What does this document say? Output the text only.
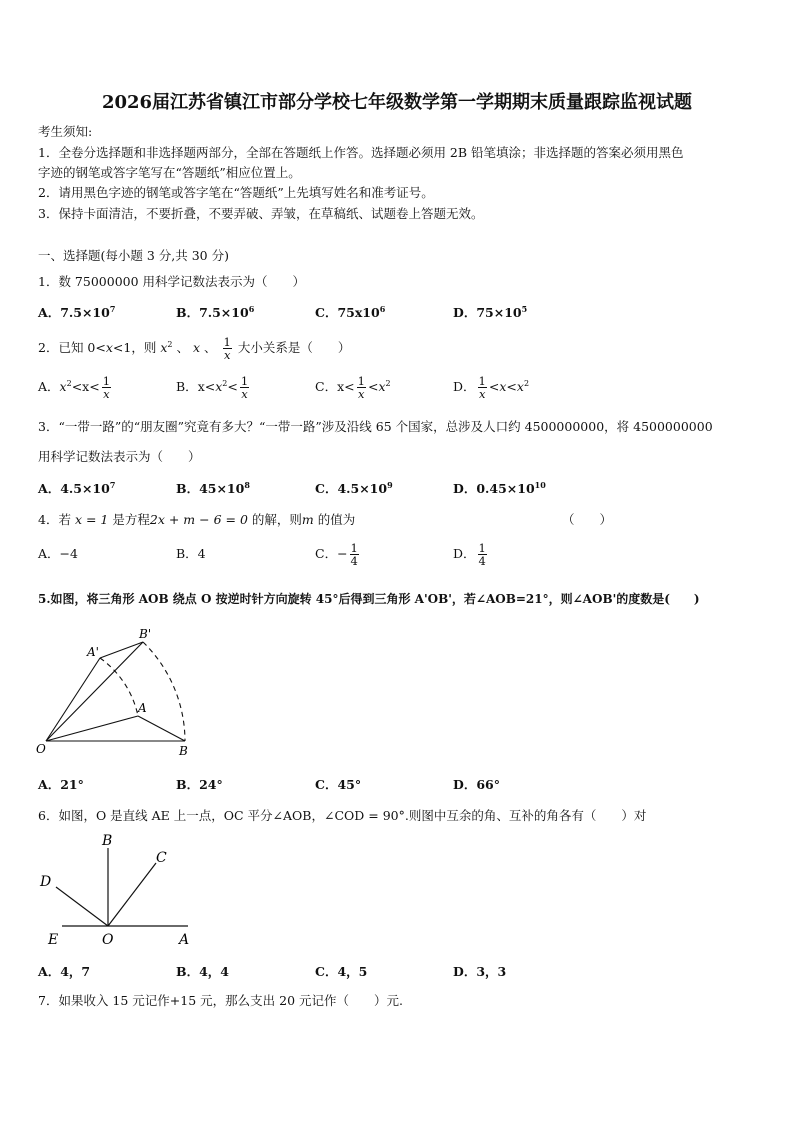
2026届江苏省镇江市部分学校七年级数学第一学期期末质量跟踪监视试题
考生须知:
1．全卷分选择题和非选择题两部分，全部在答题纸上作答。选择题必须用 2B 铅笔填涂；非选择题的答案必须用黑色
字迹的钢笔或答字笔写在“答题纸”相应位置上。
2．请用黑色字迹的钢笔或答字笔在“答题纸”上先填写姓名和准考证号。
3．保持卡面清洁，不要折叠，不要弄破、弄皱，在草稿纸、试题卷上答题无效。
一、选择题(每小题 3 分,共 30 分)
1．数 75000000 用科学记数法表示为（　　）
A．$7.5\times 10^7$	B．$7.5\times 10^6$	C．$75x10^6$	D．$75\times 10^5$
2．已知 0<x<1，则 $x^2$ 、 x 、 $\frac{1}{x}$ 大小关系是（　　）
A．$x^2<x< \frac{1}{x}$	B．$x<x^2< \frac{1}{x}$	C．$x< \frac{1}{x} <x^2$	D． $\frac{1}{x} <x<x^2$
3．“一带一路”的“朋友圈”究竟有多大？“一带一路”涉及沿线 65 个国家，总涉及人口约 4500000000，将 4500000000
用科学记数法表示为（　　）
A．$4.5\times 10^7$	B．$45\times 10^8$	C．$4.5\times 10^9$	D．$0.45\times 10^{10}$
4．若 x = 1 是方程2x + m − 6 = 0 的解，则m 的值为	（　　）
A．−4	B．4	C．− $\frac{1}{4}$	D． $\frac{1}{4}$
5.如图，将三角形 AOB 绕点 O 按逆时针方向旋转 45°后得到三角形 A'OB'，若∠AOB=21°，则∠AOB'的度数是(　　)
O	B
A
A'
B'
A．21°	B．24°	C．45°	D．66°
6．如图，O 是直线 AE 上一点，OC 平分∠AOB，∠COD = 90°.则图中互余的角、互补的角各有（　　）对
B
C
D
E	O	A
A．4，7	B．4，4	C．4，5	D．3，3
7．如果收入 15 元记作+15 元，那么支出 20 元记作（　　）元.
